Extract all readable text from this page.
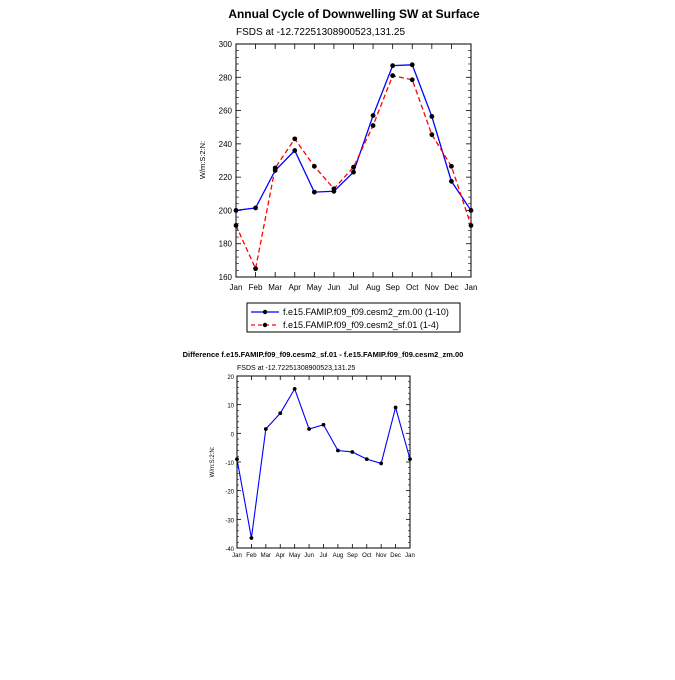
Annual Cycle of Downwelling SW at Surface
FSDS at -12.72251308900523,131.25
W/m:S:2:N:
Jan Feb Mar Apr May Jun Jul Aug Sep Oct Nov Dec Jan
160
180
200
220
240
260
280
300
f.e15.FAMIP.f09_f09.cesm2_zm.00 (1-10)
f.e15.FAMIP.f09_f09.cesm2_sf.01 (1-4)
Difference f.e15.FAMIP.f09_f09.cesm2_sf.01 - f.e15.FAMIP.f09_f09.cesm2_zm.00
FSDS at -12.72251308900523,131.25
W/m:S:2:N:
Jan Feb Mar Apr May Jun Jul Aug Sep Oct Nov Dec Jan
-40
-30
-20
-10
0
10
20
